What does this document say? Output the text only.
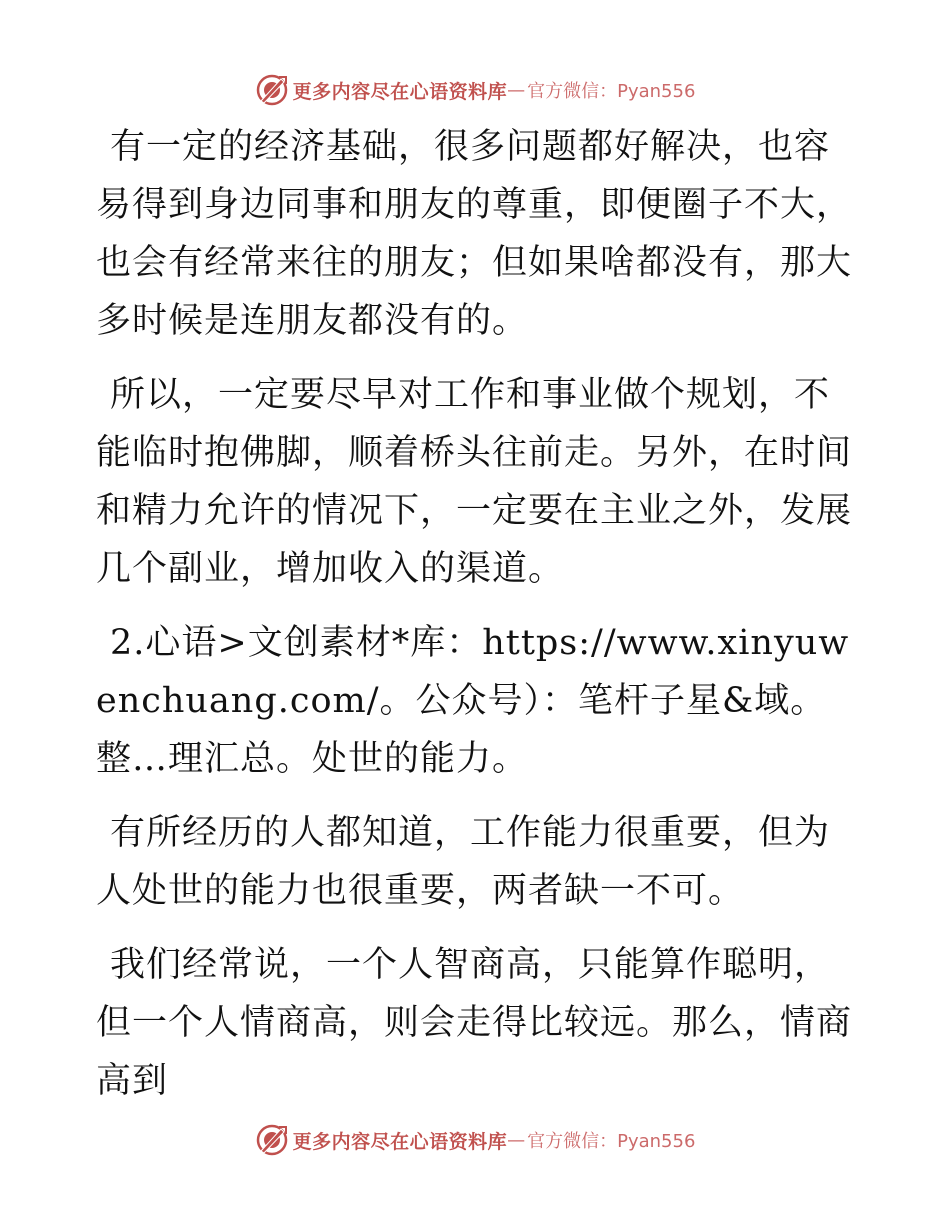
更多内容尽在心语资料库 — 官方微信：Pyan556

有一定的经济基础，很多问题都好解决，也容易得到身边同事和朋友的尊重，即便圈子不大，也会有经常来往的朋友；但如果啥都没有，那大多时候是连朋友都没有的。

所以，一定要尽早对工作和事业做个规划，不能临时抱佛脚，顺着桥头往前走。另外，在时间和精力允许的情况下，一定要在主业之外，发展几个副业，增加收入的渠道。

2.心语>文创素材*库：https://www.xinyuwenchuang.com/。公众号）：笔杆子星&域。整…理汇总。处世的能力。

有所经历的人都知道，工作能力很重要，但为人处世的能力也很重要，两者缺一不可。

我们经常说，一个人智商高，只能算作聪明，但一个人情商高，则会走得比较远。那么，情商高到

更多内容尽在心语资料库 — 官方微信：Pyan556
